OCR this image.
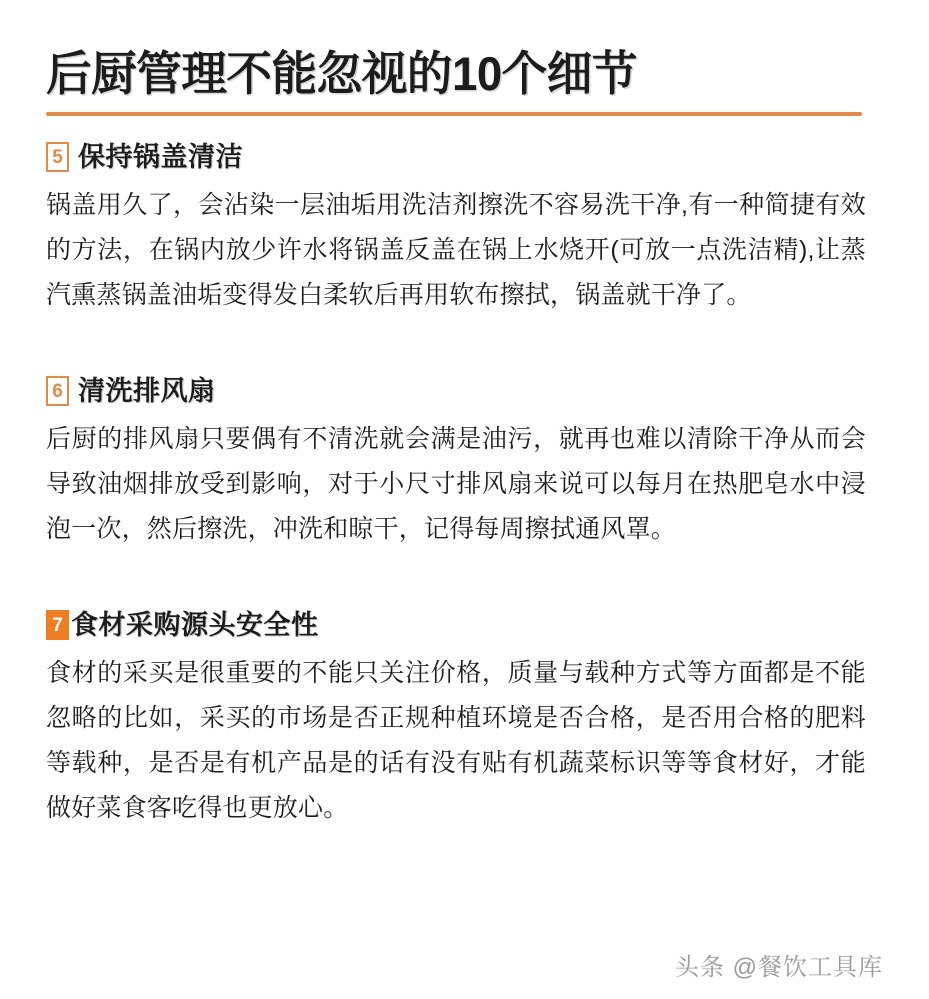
后厨管理不能忽视的10个细节
5 保持锅盖清洁
锅盖用久了，会沾染一层油垢用洗洁剂擦洗不容易洗干净,有一种简捷有效的方法，在锅内放少许水将锅盖反盖在锅上水烧开(可放一点洗洁精),让蒸汽熏蒸锅盖油垢变得发白柔软后再用软布擦拭，锅盖就干净了。
6 清洗排风扇
后厨的排风扇只要偶有不清洗就会满是油污，就再也难以清除干净从而会导致油烟排放受到影响，对于小尺寸排风扇来说可以每月在热肥皂水中浸泡一次，然后擦洗，冲洗和晾干，记得每周擦拭通风罩。
7 食材采购源头安全性
食材的采买是很重要的不能只关注价格，质量与载种方式等方面都是不能忽略的比如，采买的市场是否正规种植环境是否合格，是否用合格的肥料等载种，是否是有机产品是的话有没有贴有机蔬菜标识等等食材好，才能做好菜食客吃得也更放心。
头条 @餐饮工具库
